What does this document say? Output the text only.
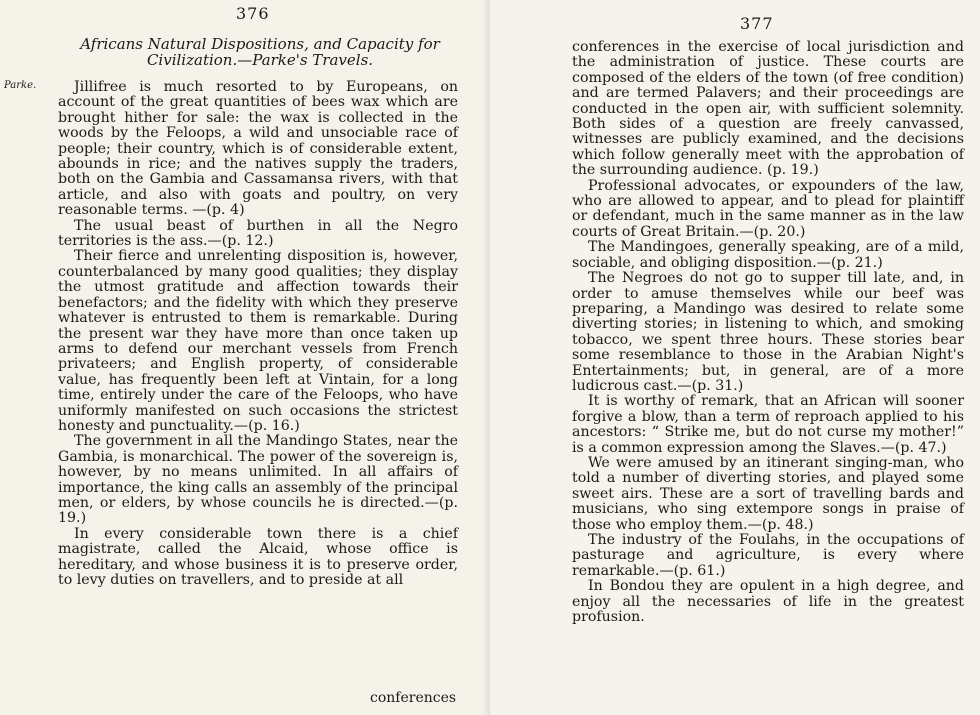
376
Africans Natural Dispositions, and Capacity for
Civilization.—Parke's Travels.
Parke.	Jillifree is much resorted to by Europeans, on account of the great quantities of bees wax which are brought hither for sale: the wax is collected in the woods by the Feloops, a wild and unsociable race of people; their country, which is of considerable extent, abounds in rice; and the natives supply the traders, both on the Gambia and Cassamansa rivers, with that article, and also with goats and poultry, on very reasonable terms. —(p. 4)

The usual beast of burthen in all the Negro territories is the ass.—(p. 12.)

Their fierce and unrelenting disposition is, however, counterbalanced by many good qualities; they display the utmost gratitude and affection towards their benefactors; and the fidelity with which they preserve whatever is entrusted to them is remarkable. During the present war they have more than once taken up arms to defend our merchant vessels from French privateers; and English property, of considerable value, has frequently been left at Vintain, for a long time, entirely under the care of the Feloops, who have uniformly manifested on such occasions the strictest honesty and punctuality.—(p. 16.)

The government in all the Mandingo States, near the Gambia, is monarchical. The power of the sovereign is, however, by no means unlimited. In all affairs of importance, the king calls an assembly of the principal men, or elders, by whose councils he is directed.—(p. 19.)

In every considerable town there is a chief magistrate, called the Alcaid, whose office is hereditary, and whose business it is to preserve order, to levy duties on travellers, and to preside at all

conferences
377

conferences in the exercise of local jurisdiction and the administration of justice. These courts are composed of the elders of the town (of free condition) and are termed Palavers; and their proceedings are conducted in the open air, with sufficient solemnity. Both sides of a question are freely canvassed, witnesses are publicly examined, and the decisions which follow generally meet with the approbation of the surrounding audience. (p. 19.)

Professional advocates, or expounders of the law, who are allowed to appear, and to plead for plaintiff or defendant, much in the same manner as in the law courts of Great Britain.—(p. 20.)

The Mandingoes, generally speaking, are of a mild, sociable, and obliging disposition.—(p. 21.)

The Negroes do not go to supper till late, and, in order to amuse themselves while our beef was preparing, a Mandingo was desired to relate some diverting stories; in listening to which, and smoking tobacco, we spent three hours. These stories bear some resemblance to those in the Arabian Night's Entertainments; but, in general, are of a more ludicrous cast.—(p. 31.)

It is worthy of remark, that an African will sooner forgive a blow, than a term of reproach applied to his ancestors: “ Strike me, but do not curse my mother!” is a common expression among the Slaves.—(p. 47.)

We were amused by an itinerant singing-man, who told a number of diverting stories, and played some sweet airs. These are a sort of travelling bards and musicians, who sing extempore songs in praise of those who employ them.—(p. 48.)

The industry of the Foulahs, in the occupations of pasturage and agriculture, is every where remarkable.—(p. 61.)

In Bondou they are opulent in a high degree, and enjoy all the necessaries of life in the greatest profusion.
